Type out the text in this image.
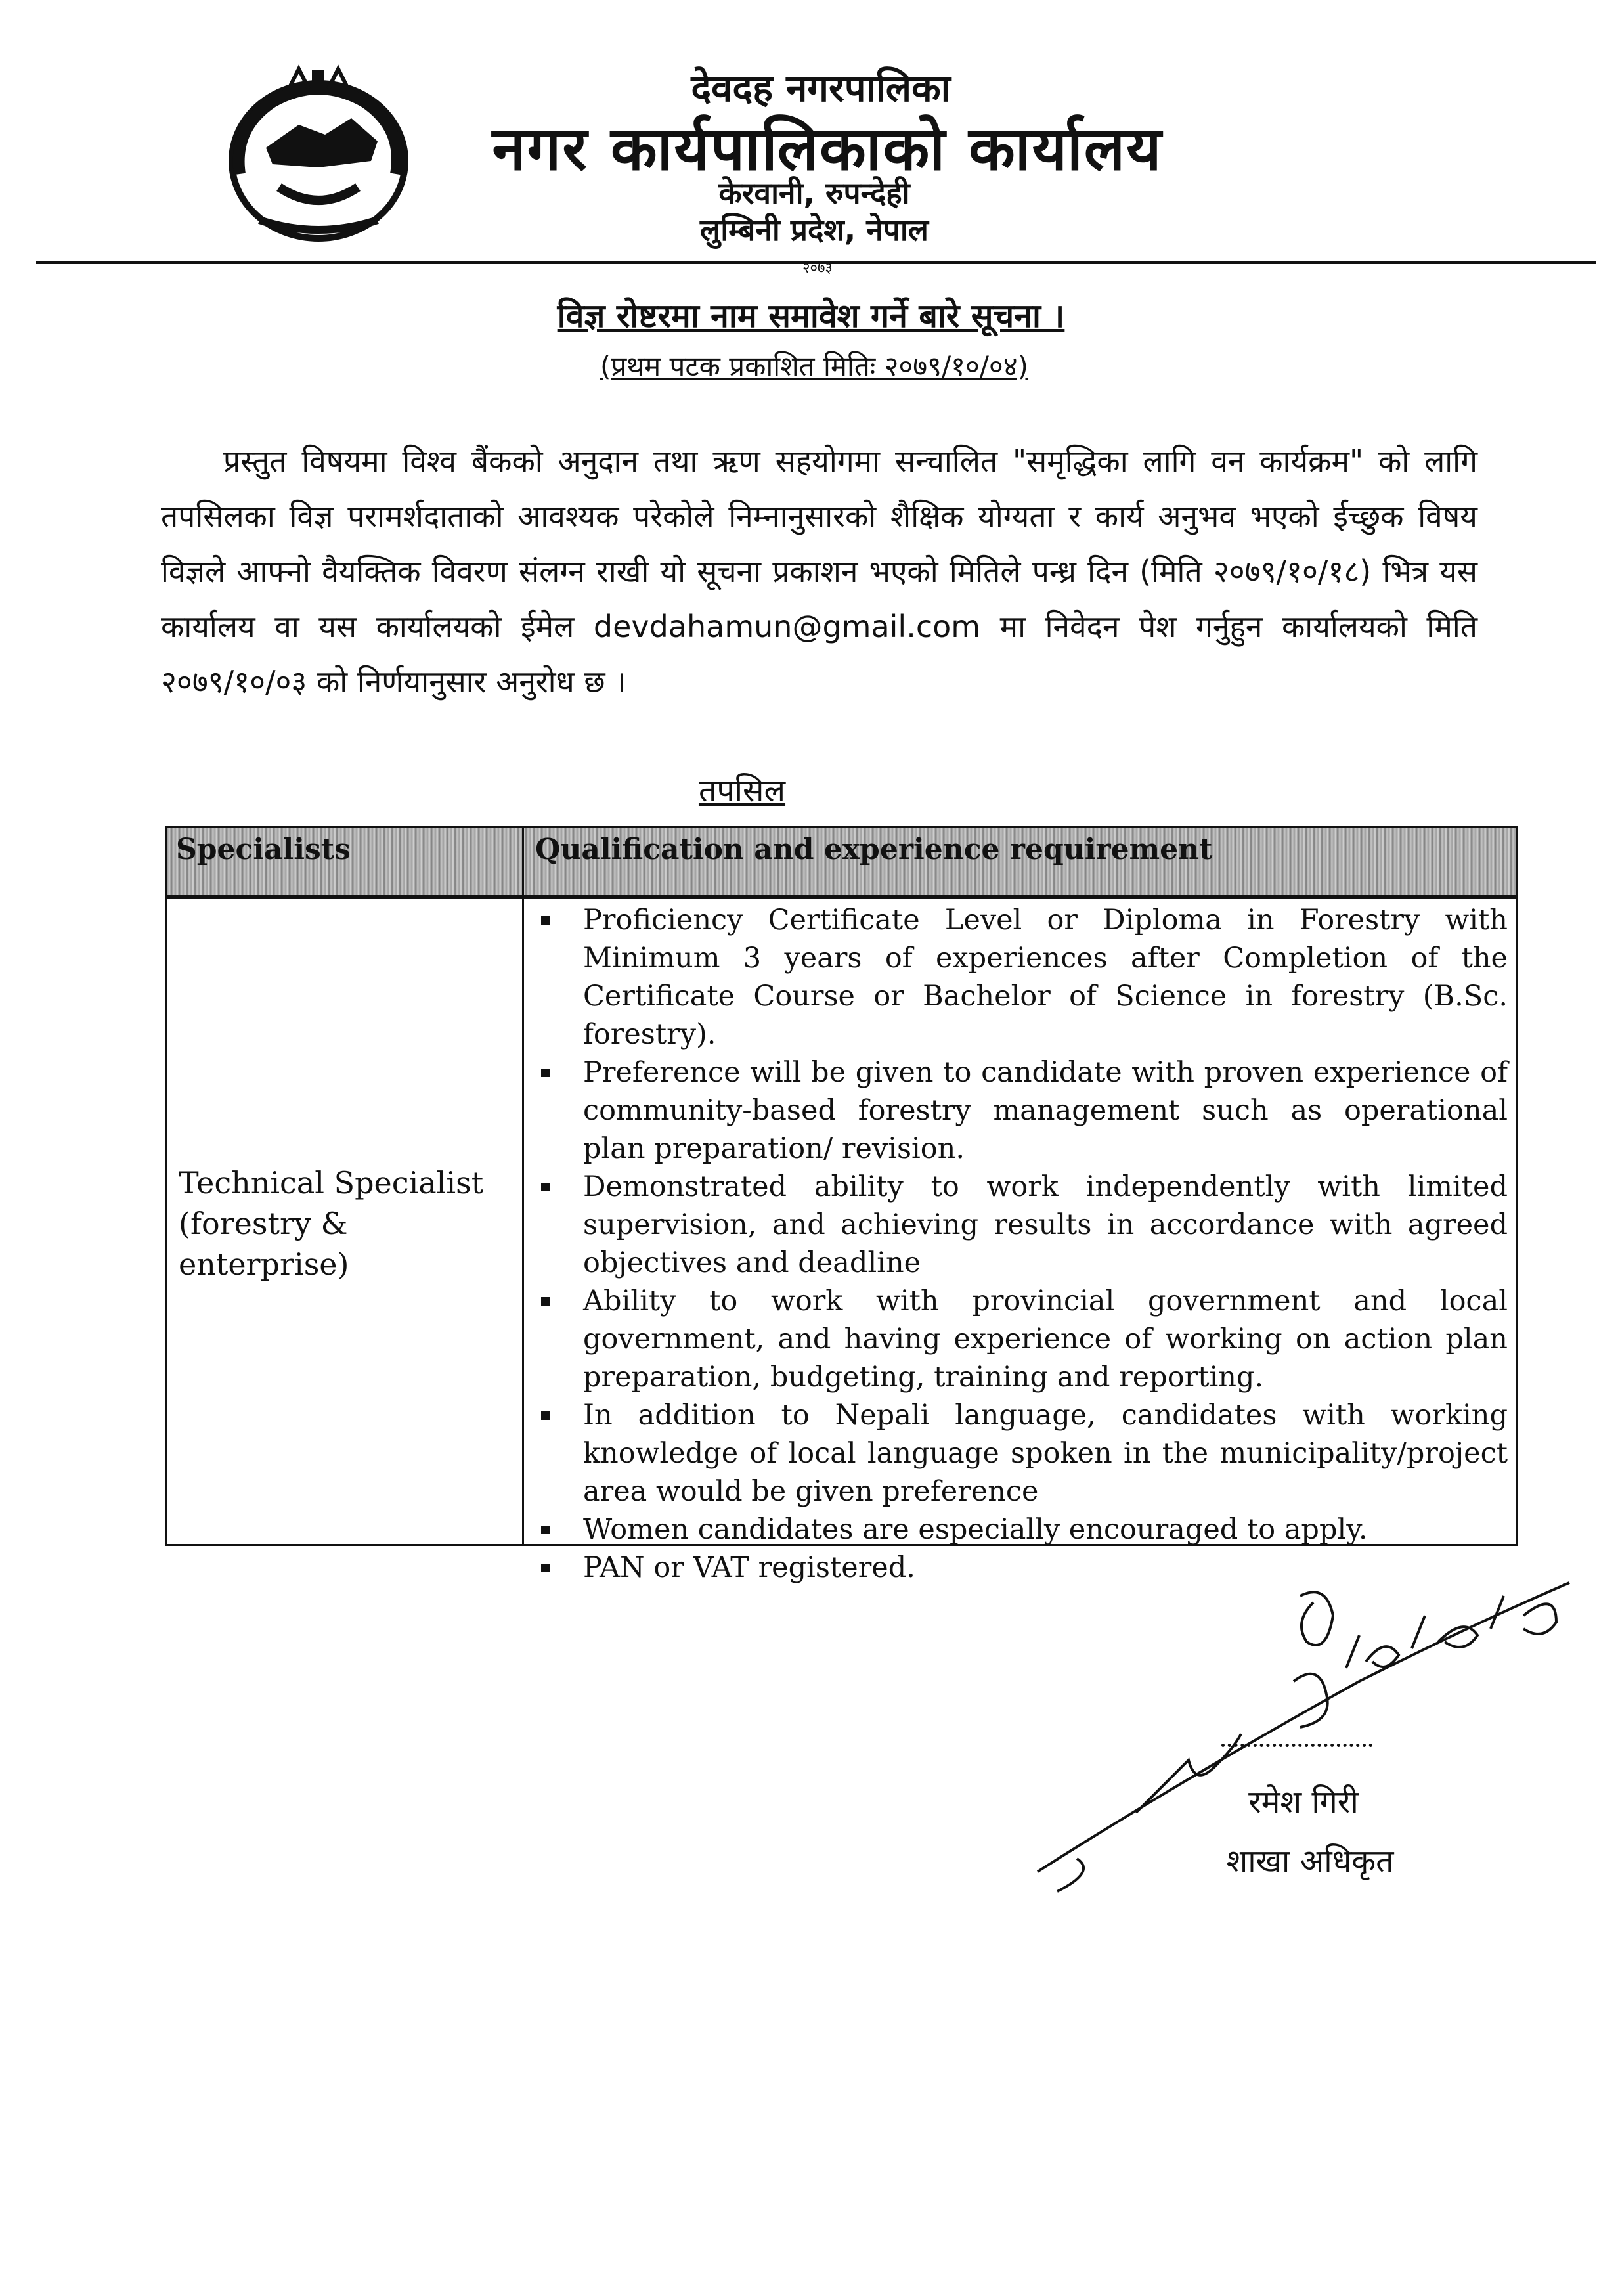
देवदह नगरपालिका
नगर कार्यपालिकाको कार्यालय
केरवानी, रुपन्देही
लुम्बिनी प्रदेश, नेपाल
२०७३
विज्ञ रोष्टरमा नाम समावेश गर्ने बारे सूचना ।
(प्रथम पटक प्रकाशित मितिः २०७९/१०/०४)
प्रस्तुत विषयमा विश्व बैंकको अनुदान तथा ऋण सहयोगमा सन्चालित "समृद्धिका लागि वन कार्यक्रम" को लागि तपसिलका विज्ञ परामर्शदाताको आवश्यक परेकोले निम्नानुसारको शैक्षिक योग्यता र कार्य अनुभव भएको ईच्छुक विषय विज्ञले आफ्नो वैयक्तिक विवरण संलग्न राखी यो सूचना प्रकाशन भएको मितिले पन्ध्र दिन (मिति २०७९/१०/१८) भित्र यस कार्यालय वा यस कार्यालयको ईमेल devdahamun@gmail.com मा निवेदन पेश गर्नुहुन कार्यालयको मिति २०७९/१०/०३ को निर्णयानुसार अनुरोध छ ।
तपसिल
Specialists	Qualification and experience requirement
Technical Specialist
(forestry & enterprise)
Proficiency Certificate Level or Diploma in Forestry with Minimum 3 years of experiences after Completion of the Certificate Course or Bachelor of Science in forestry (B.Sc. forestry).
Preference will be given to candidate with proven experience of community-based forestry management such as operational plan preparation/ revision.
Demonstrated ability to work independently with limited supervision, and achieving results in accordance with agreed objectives and deadline
Ability to work with provincial government and local government, and having experience of working on action plan preparation, budgeting, training and reporting.
In addition to Nepali language, candidates with working knowledge of local language spoken in the municipality/project area would be given preference
Women candidates are especially encouraged to apply.
PAN or VAT registered.
रमेश गिरी
शाखा अधिकृत
